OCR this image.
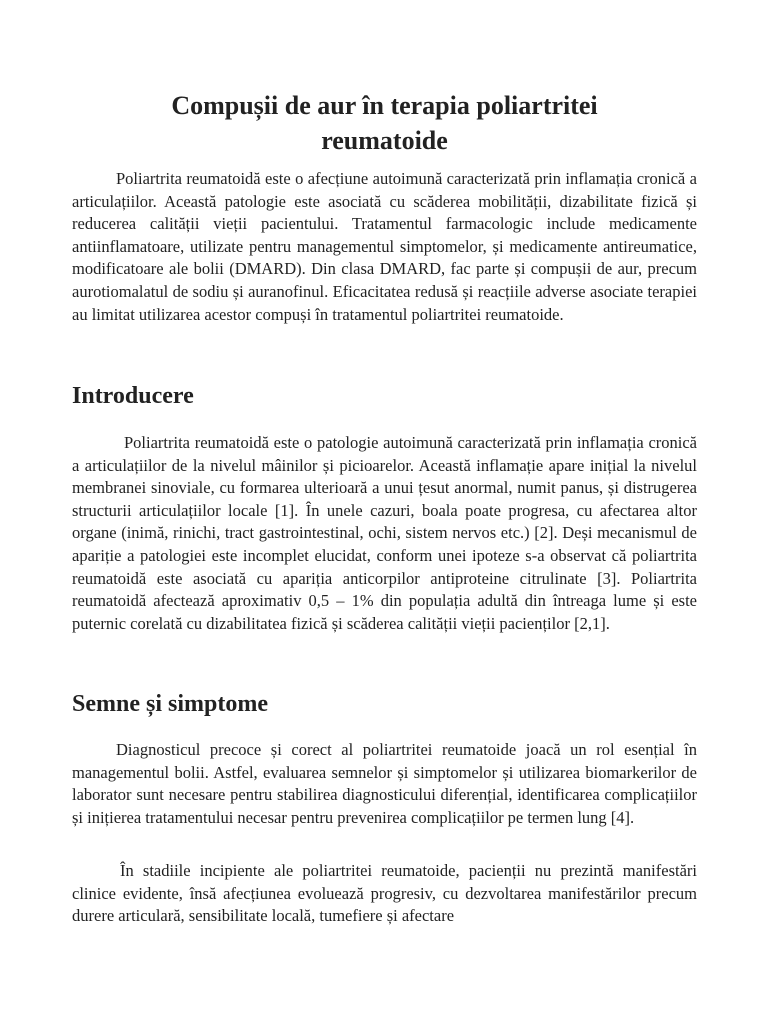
Compușii de aur în terapia poliartritei
reumatoide

Poliartrita reumatoidă este o afecțiune autoimună caracterizată prin inflamația cronică a articulațiilor. Această patologie este asociată cu scăderea mobilității, dizabilitate fizică și reducerea calității vieții pacientului. Tratamentul farmacologic include medicamente antiinflamatoare, utilizate pentru managementul simptomelor, și medicamente antireumatice, modificatoare ale bolii (DMARD). Din clasa DMARD, fac parte și compușii de aur, precum aurotiomalatul de sodiu și auranofinul. Eficacitatea redusă și reacțiile adverse asociate terapiei au limitat utilizarea acestor compuși în tratamentul poliartritei reumatoide.

Introducere

Poliartrita reumatoidă este o patologie autoimună caracterizată prin inflamația cronică a articulațiilor de la nivelul mâinilor și picioarelor. Această inflamație apare inițial la nivelul membranei sinoviale, cu formarea ulterioară a unui țesut anormal, numit panus, și distrugerea structurii articulațiilor locale [1]. În unele cazuri, boala poate progresa, cu afectarea altor organe (inimă, rinichi, tract gastrointestinal, ochi, sistem nervos etc.) [2]. Deși mecanismul de apariție a patologiei este incomplet elucidat, conform unei ipoteze s-a observat că poliartrita reumatoidă este asociată cu apariția anticorpilor antiproteine citrulinate [3]. Poliartrita reumatoidă afectează aproximativ 0,5 – 1% din populația adultă din întreaga lume și este puternic corelată cu dizabilitatea fizică și scăderea calității vieții pacienților [2,1].

Semne și simptome

Diagnosticul precoce și corect al poliartritei reumatoide joacă un rol esențial în managementul bolii. Astfel, evaluarea semnelor și simptomelor și utilizarea biomarkerilor de laborator sunt necesare pentru stabilirea diagnosticului diferențial, identificarea complicațiilor și inițierea tratamentului necesar pentru prevenirea complicațiilor pe termen lung [4].

În stadiile incipiente ale poliartritei reumatoide, pacienții nu prezintă manifestări clinice evidente, însă afecțiunea evoluează progresiv, cu dezvoltarea manifestărilor precum durere articulară, sensibilitate locală, tumefiere și afectare
